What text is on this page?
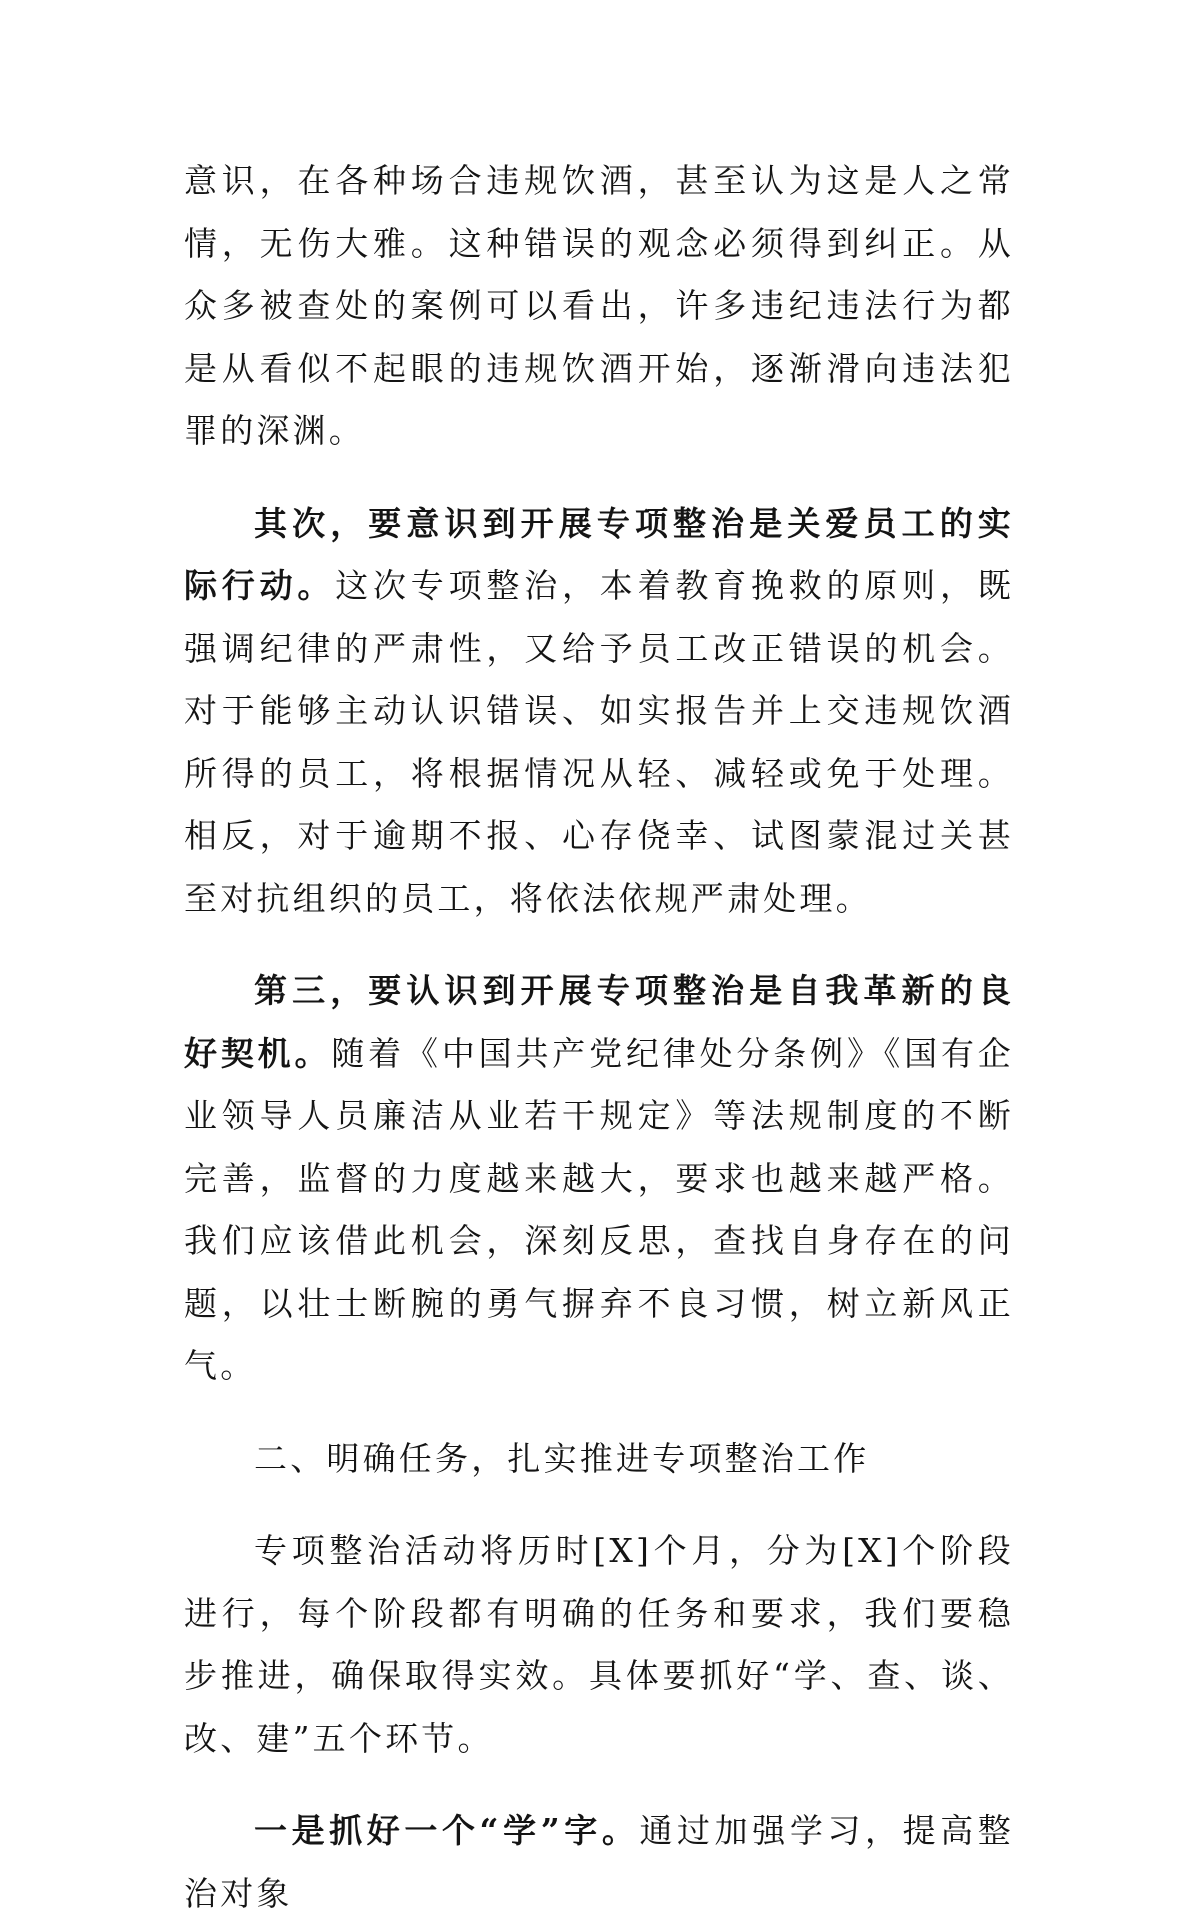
意识，在各种场合违规饮酒，甚至认为这是人之常情，无伤大雅。这种错误的观念必须得到纠正。从众多被查处的案例可以看出，许多违纪违法行为都是从看似不起眼的违规饮酒开始，逐渐滑向违法犯罪的深渊。

其次，要意识到开展专项整治是关爱员工的实际行动。这次专项整治，本着教育挽救的原则，既强调纪律的严肃性，又给予员工改正错误的机会。对于能够主动认识错误、如实报告并上交违规饮酒所得的员工，将根据情况从轻、减轻或免于处理。相反，对于逾期不报、心存侥幸、试图蒙混过关甚至对抗组织的员工，将依法依规严肃处理。

第三，要认识到开展专项整治是自我革新的良好契机。随着《中国共产党纪律处分条例》《国有企业领导人员廉洁从业若干规定》等法规制度的不断完善，监督的力度越来越大，要求也越来越严格。我们应该借此机会，深刻反思，查找自身存在的问题，以壮士断腕的勇气摒弃不良习惯，树立新风正气。

二、明确任务，扎实推进专项整治工作

专项整治活动将历时[X]个月，分为[X]个阶段进行，每个阶段都有明确的任务和要求，我们要稳步推进，确保取得实效。具体要抓好“学、查、谈、改、建”五个环节。

一是抓好一个“学”字。通过加强学习，提高整治对象
